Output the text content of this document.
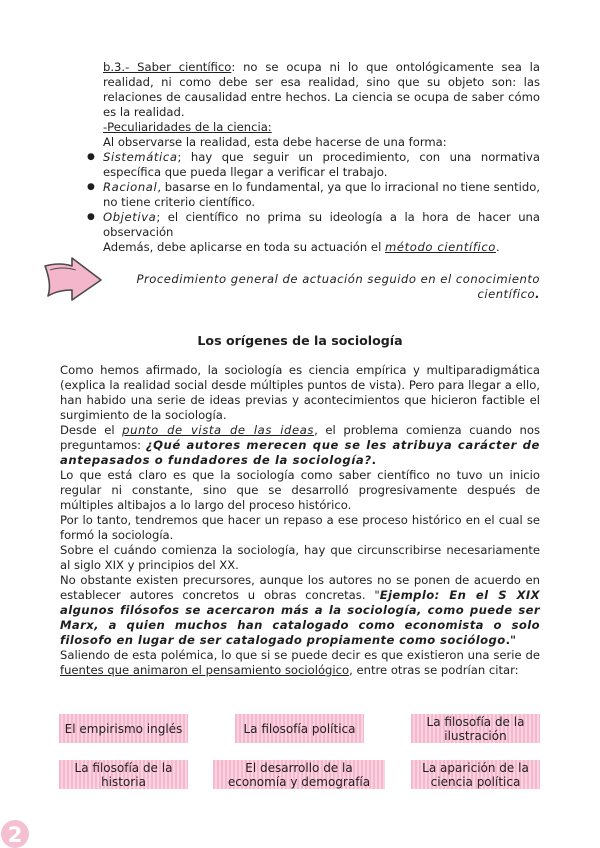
b.3.- Saber científico: no se ocupa ni lo que ontológicamente sea la realidad, ni como debe ser esa realidad, sino que su objeto son: las relaciones de causalidad entre hechos. La ciencia se ocupa de saber cómo es la realidad.
-Peculiaridades de la ciencia:
Al observarse la realidad, esta debe hacerse de una forma:
● Sistemática; hay que seguir un procedimiento, con una normativa específica que pueda llegar a verificar el trabajo.
● Racional, basarse en lo fundamental, ya que lo irracional no tiene sentido, no tiene criterio científico.
● Objetiva; el científico no prima su ideología a la hora de hacer una observación
Además, debe aplicarse en toda su actuación el método científico.
Procedimiento general de actuación seguido en el conocimiento científico.
Los orígenes de la sociología
Como hemos afirmado, la sociología es ciencia empírica y multiparadigmática (explica la realidad social desde múltiples puntos de vista). Pero para llegar a ello, han habido una serie de ideas previas y acontecimientos que hicieron factible el surgimiento de la sociología.
Desde el punto de vista de las ideas, el problema comienza cuando nos preguntamos: ¿Qué autores merecen que se les atribuya carácter de antepasados o fundadores de la sociología?.
Lo que está claro es que la sociología como saber científico no tuvo un inicio regular ni constante, sino que se desarrolló progresivamente después de múltiples altibajos a lo largo del proceso histórico.
Por lo tanto, tendremos que hacer un repaso a ese proceso histórico en el cual se formó la sociología.
Sobre el cuándo comienza la sociología, hay que circunscribirse necesariamente al siglo XIX y principios del XX.
No obstante existen precursores, aunque los autores no se ponen de acuerdo en establecer autores concretos u obras concretas. "Ejemplo: En el S XIX algunos filósofos se acercaron más a la sociología, como puede ser Marx, a quien muchos han catalogado como economista o solo filosofo en lugar de ser catalogado propiamente como sociólogo."
Saliendo de esta polémica, lo que si se puede decir es que existieron una serie de fuentes que animaron el pensamiento sociológico, entre otras se podrían citar:
El empirismo inglés	La filosofía política	La filosofía de la ilustración
La filosofía de la historia
El desarrollo de la economía y demografía
La aparición de la ciencia política
2
